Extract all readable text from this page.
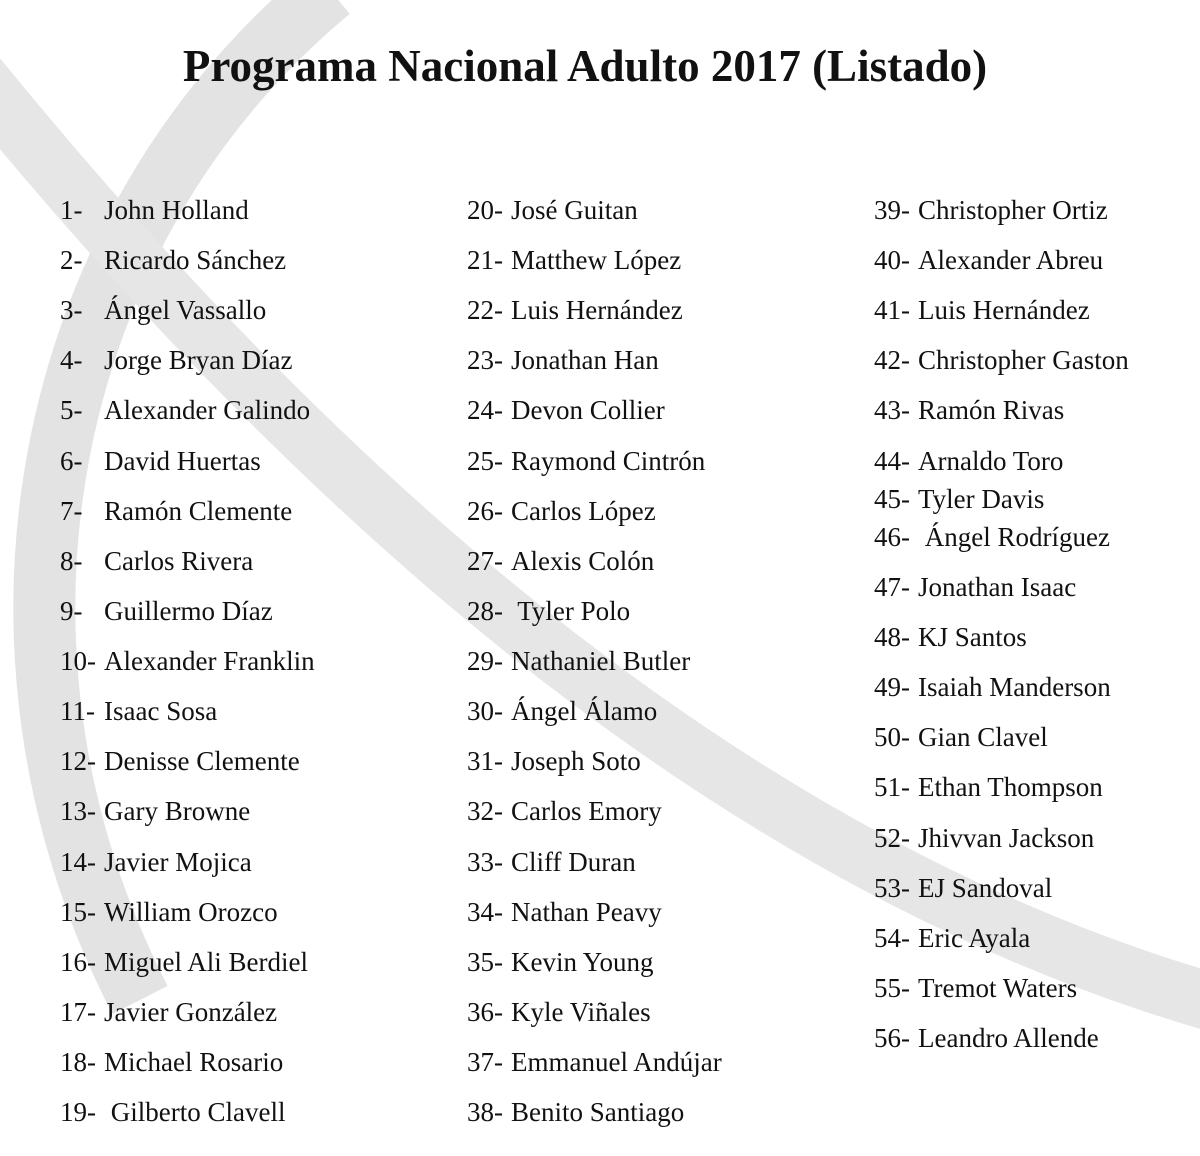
Programa Nacional Adulto 2017 (Listado)
1- John Holland
2- Ricardo Sánchez
3- Ángel Vassallo
4- Jorge Bryan Díaz
5- Alexander Galindo
6- David Huertas
7- Ramón Clemente
8- Carlos Rivera
9- Guillermo Díaz
10- Alexander Franklin
11- Isaac Sosa
12- Denisse Clemente
13- Gary Browne
14- Javier Mojica
15- William Orozco
16- Miguel Ali Berdiel
17- Javier González
18- Michael Rosario
19- Gilberto Clavell
20- José Guitan
21- Matthew López
22- Luis Hernández
23- Jonathan Han
24- Devon Collier
25- Raymond Cintrón
26- Carlos López
27- Alexis Colón
28- Tyler Polo
29- Nathaniel Butler
30- Ángel Álamo
31- Joseph Soto
32- Carlos Emory
33- Cliff Duran
34- Nathan Peavy
35- Kevin Young
36- Kyle Viñales
37- Emmanuel Andújar
38- Benito Santiago
39- Christopher Ortiz
40- Alexander Abreu
41- Luis Hernández
42- Christopher Gaston
43- Ramón Rivas
44- Arnaldo Toro
45- Tyler Davis
46- Ángel Rodríguez
47- Jonathan Isaac
48- KJ Santos
49- Isaiah Manderson
50- Gian Clavel
51- Ethan Thompson
52- Jhivvan Jackson
53- EJ Sandoval
54- Eric Ayala
55- Tremot Waters
56- Leandro Allende
